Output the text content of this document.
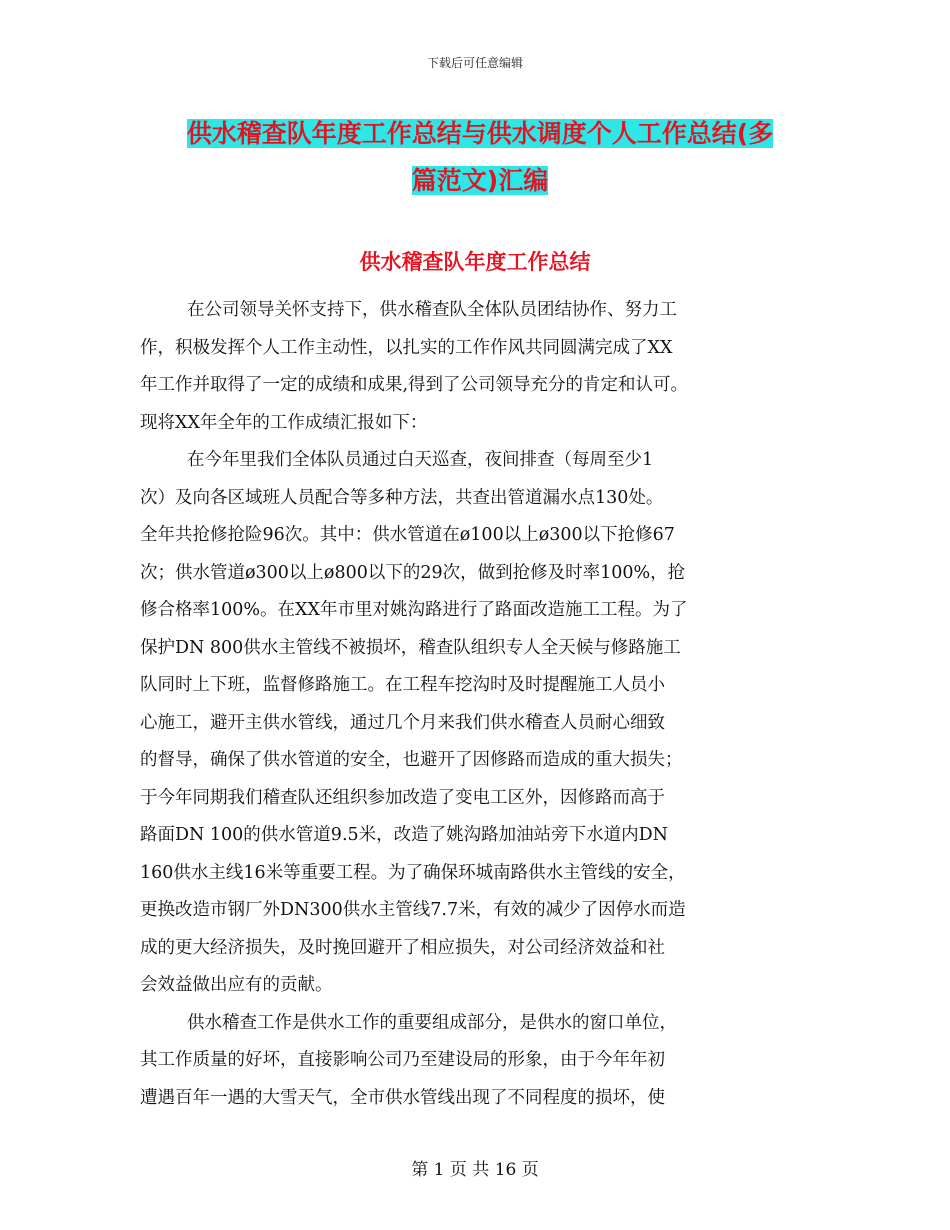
下载后可任意编辑
供水稽查队年度工作总结与供水调度个人工作总结(多
篇范文)汇编
供水稽查队年度工作总结
在公司领导关怀支持下，供水稽查队全体队员团结协作、努力工
作，积极发挥个人工作主动性，以扎实的工作作风共同圆满完成了XX
年工作并取得了一定的成绩和成果,得到了公司领导充分的肯定和认可。
现将XX年全年的工作成绩汇报如下：
在今年里我们全体队员通过白天巡查，夜间排查（每周至少1
次）及向各区域班人员配合等多种方法，共查出管道漏水点130处。
全年共抢修抢险96次。其中：供水管道在ø100以上ø300以下抢修67
次；供水管道ø300以上ø800以下的29次，做到抢修及时率100%，抢
修合格率100%。在XX年市里对姚沟路进行了路面改造施工工程。为了
保护DN 800供水主管线不被损坏，稽查队组织专人全天候与修路施工
队同时上下班，监督修路施工。在工程车挖沟时及时提醒施工人员小
心施工，避开主供水管线，通过几个月来我们供水稽查人员耐心细致
的督导，确保了供水管道的安全，也避开了因修路而造成的重大损失；
于今年同期我们稽查队还组织参加改造了变电工区外，因修路而高于
路面DN 100的供水管道9.5米，改造了姚沟路加油站旁下水道内DN
160供水主线16米等重要工程。为了确保环城南路供水主管线的安全，
更换改造市钢厂外DN300供水主管线7.7米，有效的减少了因停水而造
成的更大经济损失，及时挽回避开了相应损失，对公司经济效益和社
会效益做出应有的贡献。
供水稽查工作是供水工作的重要组成部分，是供水的窗口单位，
其工作质量的好坏，直接影响公司乃至建设局的形象，由于今年年初
遭遇百年一遇的大雪天气，全市供水管线出现了不同程度的损坏，使
第 1 页 共 16 页
